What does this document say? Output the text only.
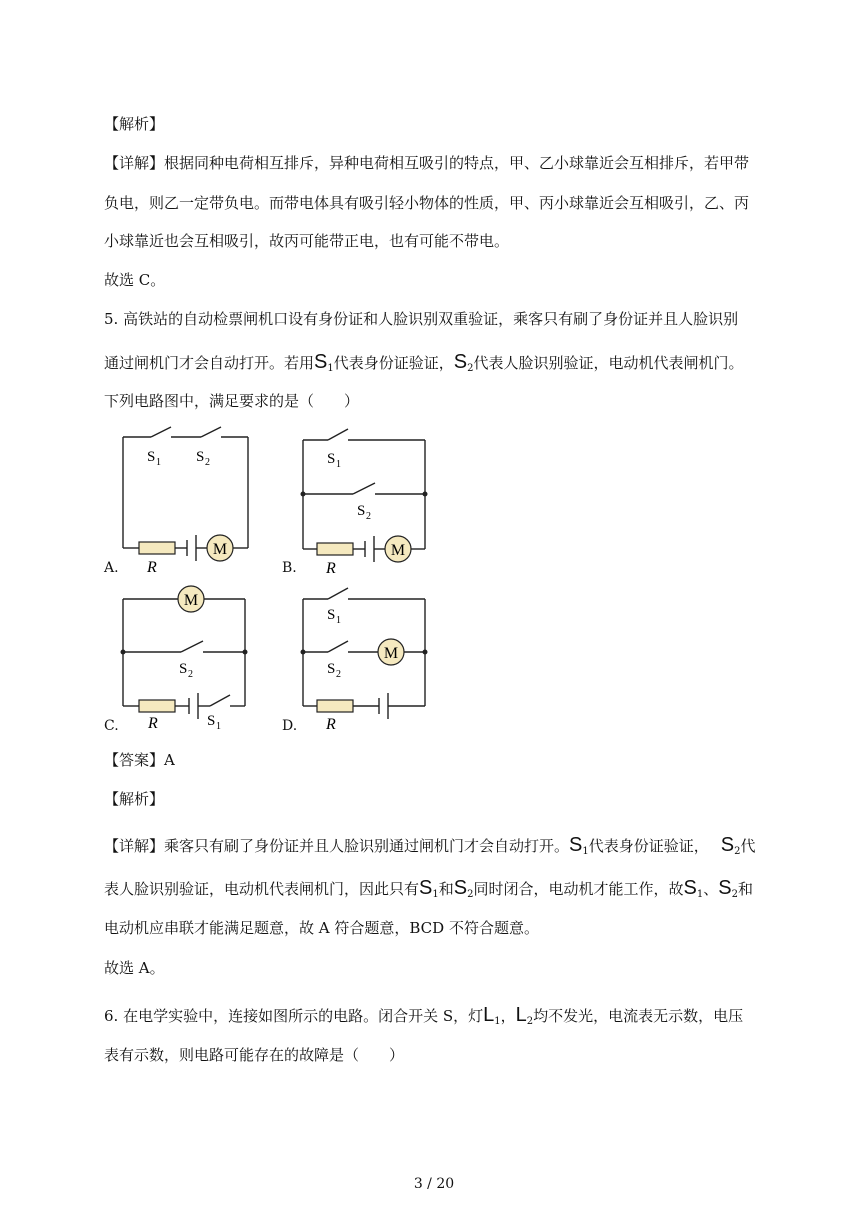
【解析】
【详解】根据同种电荷相互排斥，异种电荷相互吸引的特点，甲、乙小球靠近会互相排斥，若甲带
负电，则乙一定带负电。而带电体具有吸引轻小物体的性质，甲、丙小球靠近会互相吸引，乙、丙
小球靠近也会互相吸引，故丙可能带正电，也有可能不带电。
故选 C。
5. 高铁站的自动检票闸机口设有身份证和人脸识别双重验证，乘客只有刷了身份证并且人脸识别
通过闸机门才会自动打开。若用$S_1$代表身份证验证，$S_2$代表人脸识别验证，电动机代表闸机门。
下列电路图中，满足要求的是（　　）
M
S 1 S 2
R
A.
M
S 1
S 2
R
B.
M
S 2
S 1
R
C.
M
S 1
S 2
R
D.
【答案】A
【解析】
【详解】乘客只有刷了身份证并且人脸识别通过闸机门才会自动打开。$S_1$代表身份证验证， $S_2$代
表人脸识别验证，电动机代表闸机门，因此只有$S_1$和$S_2$同时闭合，电动机才能工作，故$S_1$、$S_2$和
电动机应串联才能满足题意，故 A 符合题意，BCD 不符合题意。
故选 A。
6. 在电学实验中，连接如图所示的电路。闭合开关 S，灯$L_1$，$L_2$均不发光，电流表无示数，电压
表有示数，则电路可能存在的故障是（　　）
3 / 20
